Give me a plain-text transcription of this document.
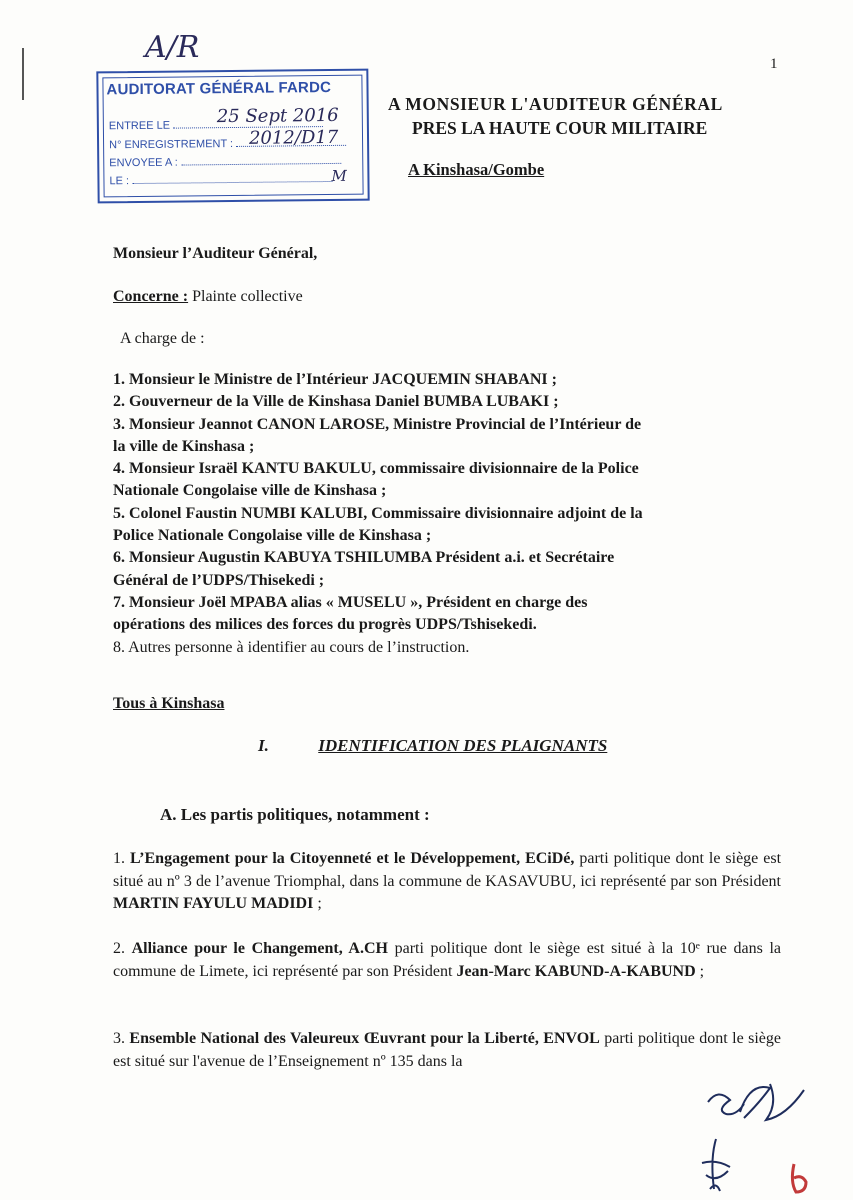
1
A/R
AUDITORAT GÉNÉRAL FARDC
ENTREE LE	25 Sept 2016
N° ENREGISTREMENT : 2012/D17
ENVOYEE A :
LE :	M
A MONSIEUR L'AUDITEUR GÉNÉRAL
PRES LA HAUTE COUR MILITAIRE
A Kinshasa/Gombe
Monsieur l’Auditeur Général,
Concerne : Plainte collective
A charge de :
1. Monsieur le Ministre de l’Intérieur JACQUEMIN SHABANI ;
2. Gouverneur de la Ville de Kinshasa Daniel BUMBA LUBAKI ;
3. Monsieur Jeannot CANON LAROSE, Ministre Provincial de l’Intérieur de
la ville de Kinshasa ;
4. Monsieur Israël KANTU BAKULU, commissaire divisionnaire de la Police
Nationale Congolaise ville de Kinshasa ;
5. Colonel Faustin NUMBI KALUBI, Commissaire divisionnaire adjoint de la
Police Nationale Congolaise ville de Kinshasa ;
6. Monsieur Augustin KABUYA TSHILUMBA Président a.i. et Secrétaire
Général de l’UDPS/Thisekedi ;
7. Monsieur Joël MPABA alias « MUSELU », Président en charge des
opérations des milices des forces du progrès UDPS/Tshisekedi.
8. Autres personne à identifier au cours de l’instruction.
Tous à Kinshasa
I.	IDENTIFICATION DES PLAIGNANTS
A. Les partis politiques, notamment :

1. L’Engagement pour la Citoyenneté et le Développement, ECiDé, parti politique dont le siège est situé au nº 3 de l’avenue Triomphal, dans la commune de KASAVUBU, ici représenté par son Président MARTIN FAYULU MADIDI ;

2. Alliance pour le Changement, A.CH parti politique dont le siège est situé à la 10ᵉ rue dans la commune de Limete, ici représenté par son Président Jean-Marc KABUND-A-KABUND ;

3. Ensemble National des Valeureux Œuvrant pour la Liberté, ENVOL parti politique dont le siège est situé sur l'avenue de l’Enseignement nº 135 dans la
